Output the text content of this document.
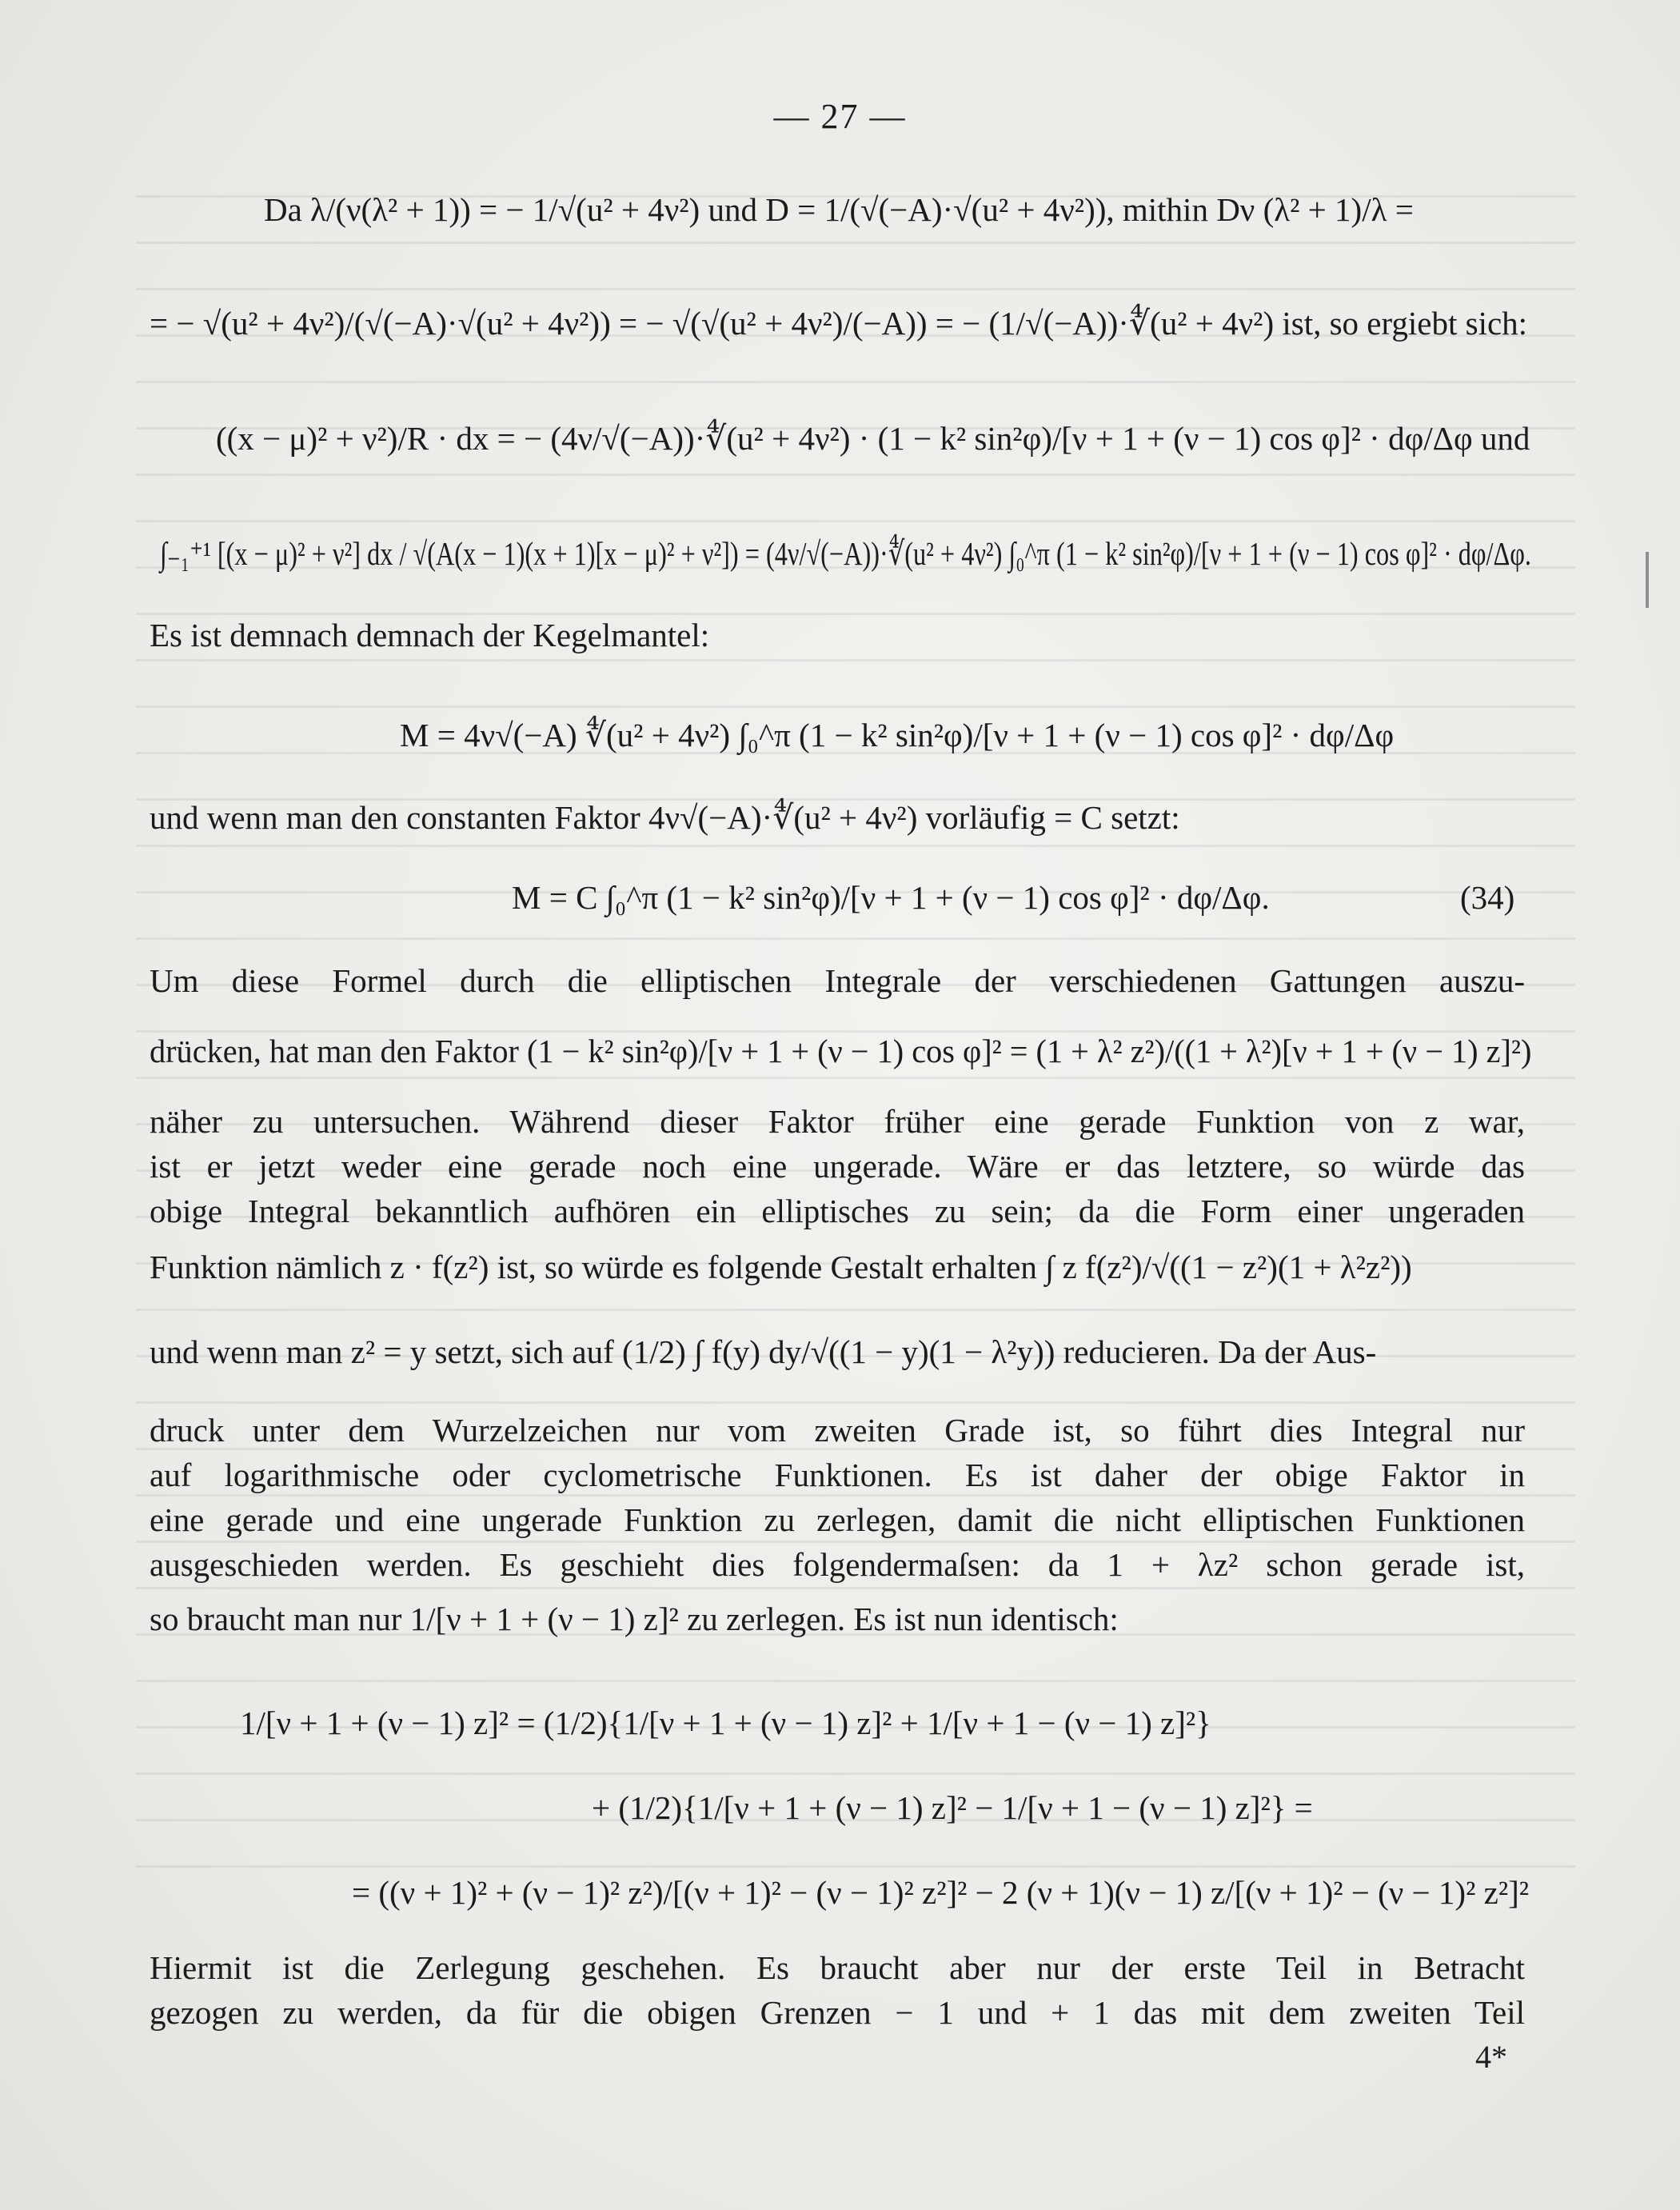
— 27 —
Da λ/(ν(λ² + 1)) = − 1/√(u² + 4ν²) und D = 1/(√(−A)·√(u² + 4ν²)), mithin Dν (λ² + 1)/λ =
= − √(u² + 4ν²)/(√(−A)·√(u² + 4ν²)) = − √(√(u² + 4ν²)/(−A)) = − (1/√(−A))·∜(u² + 4ν²) ist, so ergiebt sich:
((x − μ)² + ν²)/R · dx = − (4ν/√(−A))·∜(u² + 4ν²) · (1 − k² sin²φ)/[ν + 1 + (ν − 1) cos φ]² · dφ/Δφ und
∫₋₁⁺¹ [(x − μ)² + ν²] dx / √(A(x − 1)(x + 1)[x − μ)² + ν²]) = (4ν/√(−A))·∜(u² + 4ν²) ∫₀^π (1 − k² sin²φ)/[ν + 1 + (ν − 1) cos φ]² · dφ/Δφ.
Es ist demnach demnach der Kegelmantel:
M = 4ν√(−A) ∜(u² + 4ν²) ∫₀^π (1 − k² sin²φ)/[ν + 1 + (ν − 1) cos φ]² · dφ/Δφ
und wenn man den constanten Faktor 4ν√(−A)·∜(u² + 4ν²) vorläufig = C setzt:
M = C ∫₀^π (1 − k² sin²φ)/[ν + 1 + (ν − 1) cos φ]² · dφ/Δφ.	(34)
Um diese Formel durch die elliptischen Integrale der verschiedenen Gattungen auszu-
drücken, hat man den Faktor (1 − k² sin²φ)/[ν + 1 + (ν − 1) cos φ]² = (1 + λ² z²)/((1 + λ²)[ν + 1 + (ν − 1) z]²)
näher zu untersuchen. Während dieser Faktor früher eine gerade Funktion von z war,
ist er jetzt weder eine gerade noch eine ungerade. Wäre er das letztere, so würde das
obige Integral bekanntlich aufhören ein elliptisches zu sein; da die Form einer ungeraden
Funktion nämlich z · f(z²) ist, so würde es folgende Gestalt erhalten ∫ z f(z²)/√((1 − z²)(1 + λ²z²))
und wenn man z² = y setzt, sich auf (1/2) ∫ f(y) dy/√((1 − y)(1 − λ²y)) reducieren. Da der Aus-
druck unter dem Wurzelzeichen nur vom zweiten Grade ist, so führt dies Integral nur
auf logarithmische oder cyclometrische Funktionen. Es ist daher der obige Faktor in
eine gerade und eine ungerade Funktion zu zerlegen, damit die nicht elliptischen Funktionen
ausgeschieden werden. Es geschieht dies folgendermaſsen: da 1 + λz² schon gerade ist,
so braucht man nur 1/[ν + 1 + (ν − 1) z]² zu zerlegen. Es ist nun identisch:
1/[ν + 1 + (ν − 1) z]² = (1/2){1/[ν + 1 + (ν − 1) z]² + 1/[ν + 1 − (ν − 1) z]²}
+ (1/2){1/[ν + 1 + (ν − 1) z]² − 1/[ν + 1 − (ν − 1) z]²} =
= ((ν + 1)² + (ν − 1)² z²)/[(ν + 1)² − (ν − 1)² z²]² − 2 (ν + 1)(ν − 1) z/[(ν + 1)² − (ν − 1)² z²]²
Hiermit ist die Zerlegung geschehen. Es braucht aber nur der erste Teil in Betracht
gezogen zu werden, da für die obigen Grenzen − 1 und + 1 das mit dem zweiten Teil
4*
